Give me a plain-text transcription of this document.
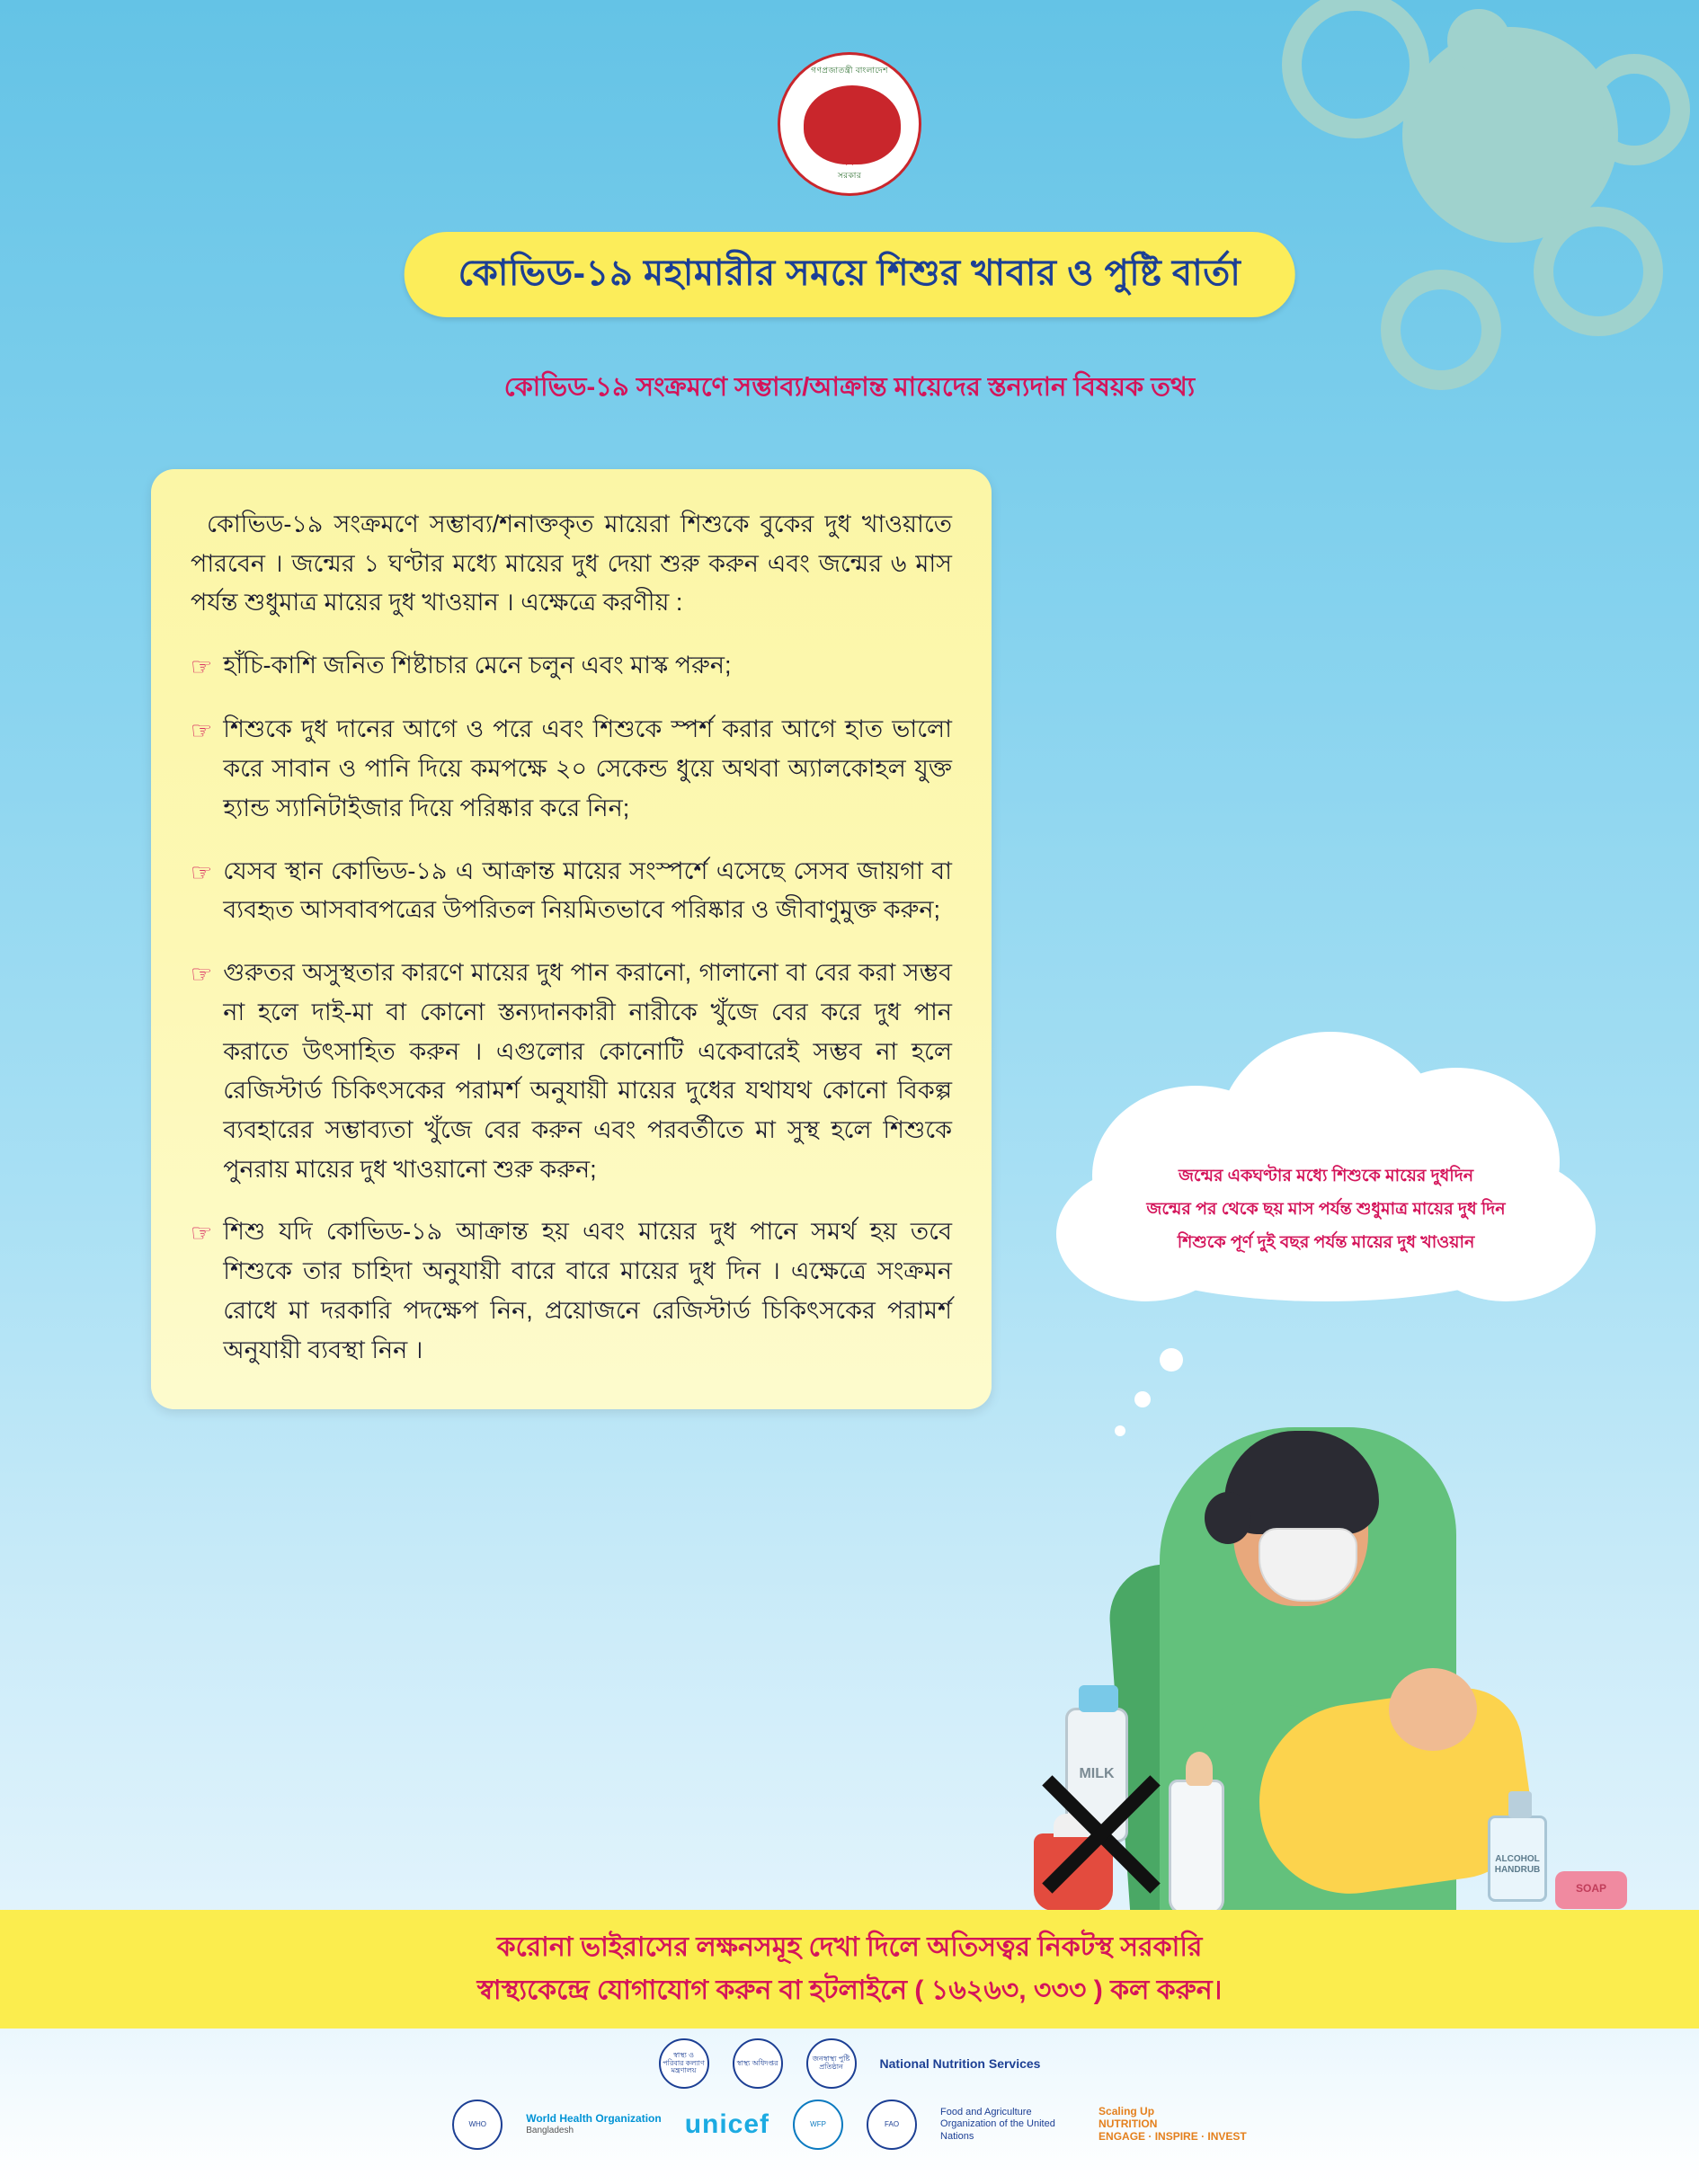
গণপ্রজাতন্ত্রী বাংলাদেশ
★
সরকার
কোভিড-১৯ মহামারীর সময়ে শিশুর খাবার ও পুষ্টি বার্তা
কোভিড-১৯ সংক্রমণে সম্ভাব্য/আক্রান্ত মায়েদের স্তন্যদান বিষয়ক তথ্য

কোভিড-১৯ সংক্রমণে সম্ভাব্য/শনাক্তকৃত মায়েরা শিশুকে বুকের দুধ খাওয়াতে পারবেন । জন্মের ১ ঘণ্টার মধ্যে মায়ের দুধ দেয়া শুরু করুন এবং জন্মের ৬ মাস পর্যন্ত শুধুমাত্র মায়ের দুধ খাওয়ান । এক্ষেত্রে করণীয় :

☞ হাঁচি-কাশি জনিত শিষ্টাচার মেনে চলুন এবং মাস্ক পরুন;
☞ শিশুকে দুধ দানের আগে ও পরে এবং শিশুকে স্পর্শ করার আগে হাত ভালো করে সাবান ও পানি দিয়ে কমপক্ষে ২০ সেকেন্ড ধুয়ে অথবা অ্যালকোহল যুক্ত হ্যান্ড স্যানিটাইজার দিয়ে পরিষ্কার করে নিন;
☞ যেসব স্থান কোভিড-১৯ এ আক্রান্ত মায়ের সংস্পর্শে এসেছে সেসব জায়গা বা ব্যবহৃত আসবাবপত্রের উপরিতল নিয়মিতভাবে পরিষ্কার ও জীবাণুমুক্ত করুন;
☞ গুরুতর অসুস্থতার কারণে মায়ের দুধ পান করানো, গালানো বা বের করা সম্ভব না হলে দাই-মা বা কোনো স্তন্যদানকারী নারীকে খুঁজে বের করে দুধ পান করাতে উৎসাহিত করুন । এগুলোর কোনোটি একেবারেই সম্ভব না হলে রেজিস্টার্ড চিকিৎসকের পরামর্শ অনুযায়ী মায়ের দুধের যথাযথ কোনো বিকল্প ব্যবহারের সম্ভাব্যতা খুঁজে বের করুন এবং পরবর্তীতে মা সুস্থ হলে শিশুকে পুনরায় মায়ের দুধ খাওয়ানো শুরু করুন;
☞ শিশু যদি কোভিড-১৯ আক্রান্ত হয় এবং মায়ের দুধ পানে সমর্থ হয় তবে শিশুকে তার চাহিদা অনুযায়ী বারে বারে মায়ের দুধ দিন । এক্ষেত্রে সংক্রমন রোধে মা দরকারি পদক্ষেপ নিন, প্রয়োজনে রেজিস্টার্ড চিকিৎসকের পরামর্শ অনুযায়ী ব্যবস্থা নিন ।
জন্মের একঘণ্টার মধ্যে শিশুকে মায়ের দুধদিন
জন্মের পর থেকে ছয় মাস পর্যন্ত শুধুমাত্র মায়ের দুধ দিন
শিশুকে পূর্ণ দুই বছর পর্যন্ত মায়ের দুধ খাওয়ান
MILK
ALCOHOL HANDRUB
SOAP
করোনা ভাইরাসের লক্ষনসমূহ দেখা দিলে অতিসত্বর নিকটস্থ সরকারি
স্বাস্থ্যকেন্দ্রে যোগাযোগ করুন বা হটলাইনে ( ১৬২৬৩, ৩৩৩ ) কল করুন।
স্বাস্থ্য ও পরিবার কল্যাণ মন্ত্রণালয়
স্বাস্থ্য অধিদপ্তর	জনস্বাস্থ্য পুষ্টি প্রতিষ্ঠান	National Nutrition Services
WHO	World Health Organization
Bangladesh	unicef	WFP	FAO
Food and Agriculture Organization of the United Nations
Scaling Up
NUTRITION
ENGAGE · INSPIRE · INVEST
